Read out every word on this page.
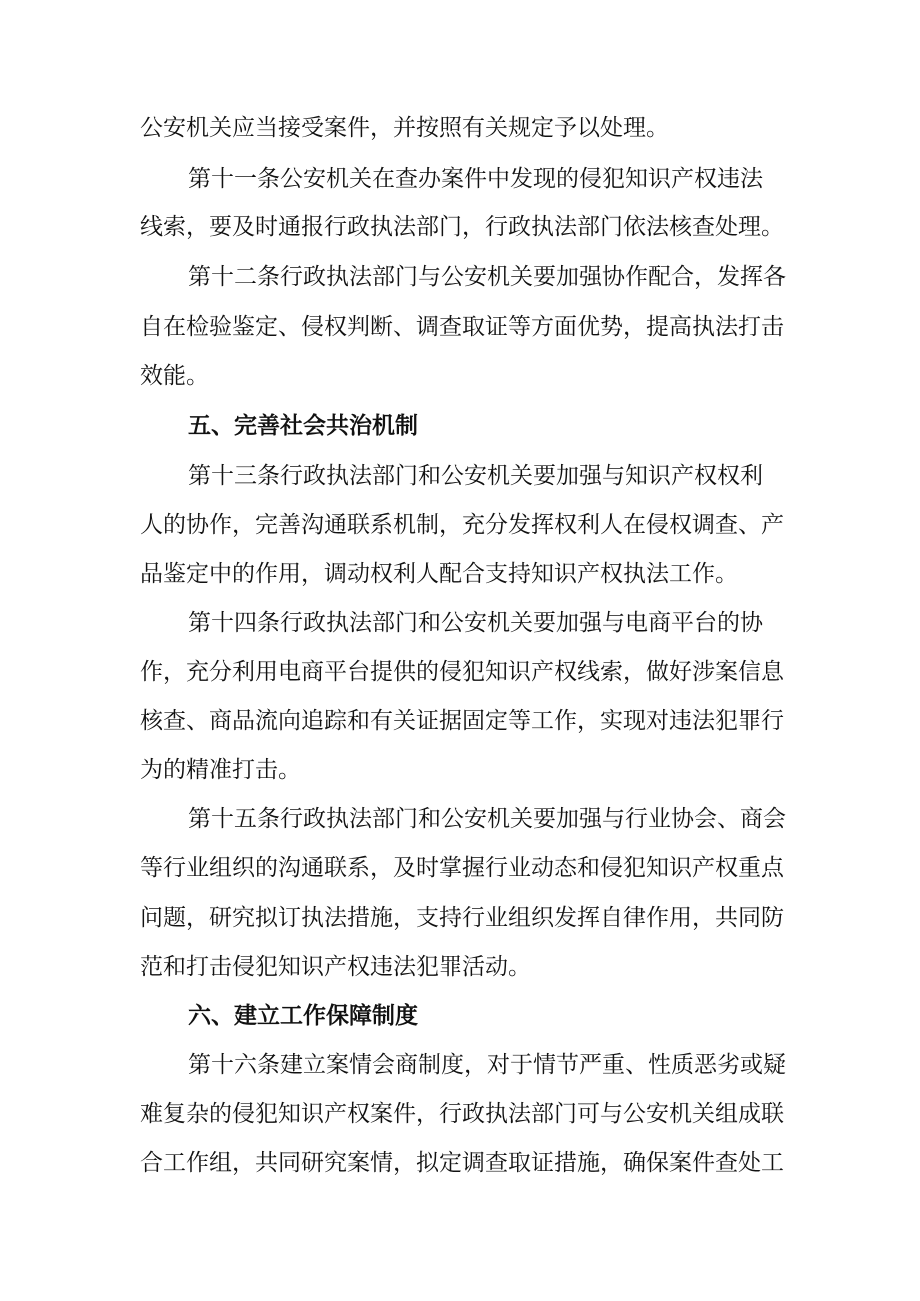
公安机关应当接受案件，并按照有关规定予以处理。
第十一条公安机关在查办案件中发现的侵犯知识产权违法
线索，要及时通报行政执法部门，行政执法部门依法核查处理。
第十二条行政执法部门与公安机关要加强协作配合，发挥各
自在检验鉴定、侵权判断、调查取证等方面优势，提高执法打击
效能。
五、完善社会共治机制
第十三条行政执法部门和公安机关要加强与知识产权权利
人的协作，完善沟通联系机制，充分发挥权利人在侵权调查、产
品鉴定中的作用，调动权利人配合支持知识产权执法工作。
第十四条行政执法部门和公安机关要加强与电商平台的协
作，充分利用电商平台提供的侵犯知识产权线索，做好涉案信息
核查、商品流向追踪和有关证据固定等工作，实现对违法犯罪行
为的精准打击。
第十五条行政执法部门和公安机关要加强与行业协会、商会
等行业组织的沟通联系，及时掌握行业动态和侵犯知识产权重点
问题，研究拟订执法措施，支持行业组织发挥自律作用，共同防
范和打击侵犯知识产权违法犯罪活动。
六、建立工作保障制度
第十六条建立案情会商制度，对于情节严重、性质恶劣或疑
难复杂的侵犯知识产权案件，行政执法部门可与公安机关组成联
合工作组，共同研究案情，拟定调查取证措施，确保案件查处工
